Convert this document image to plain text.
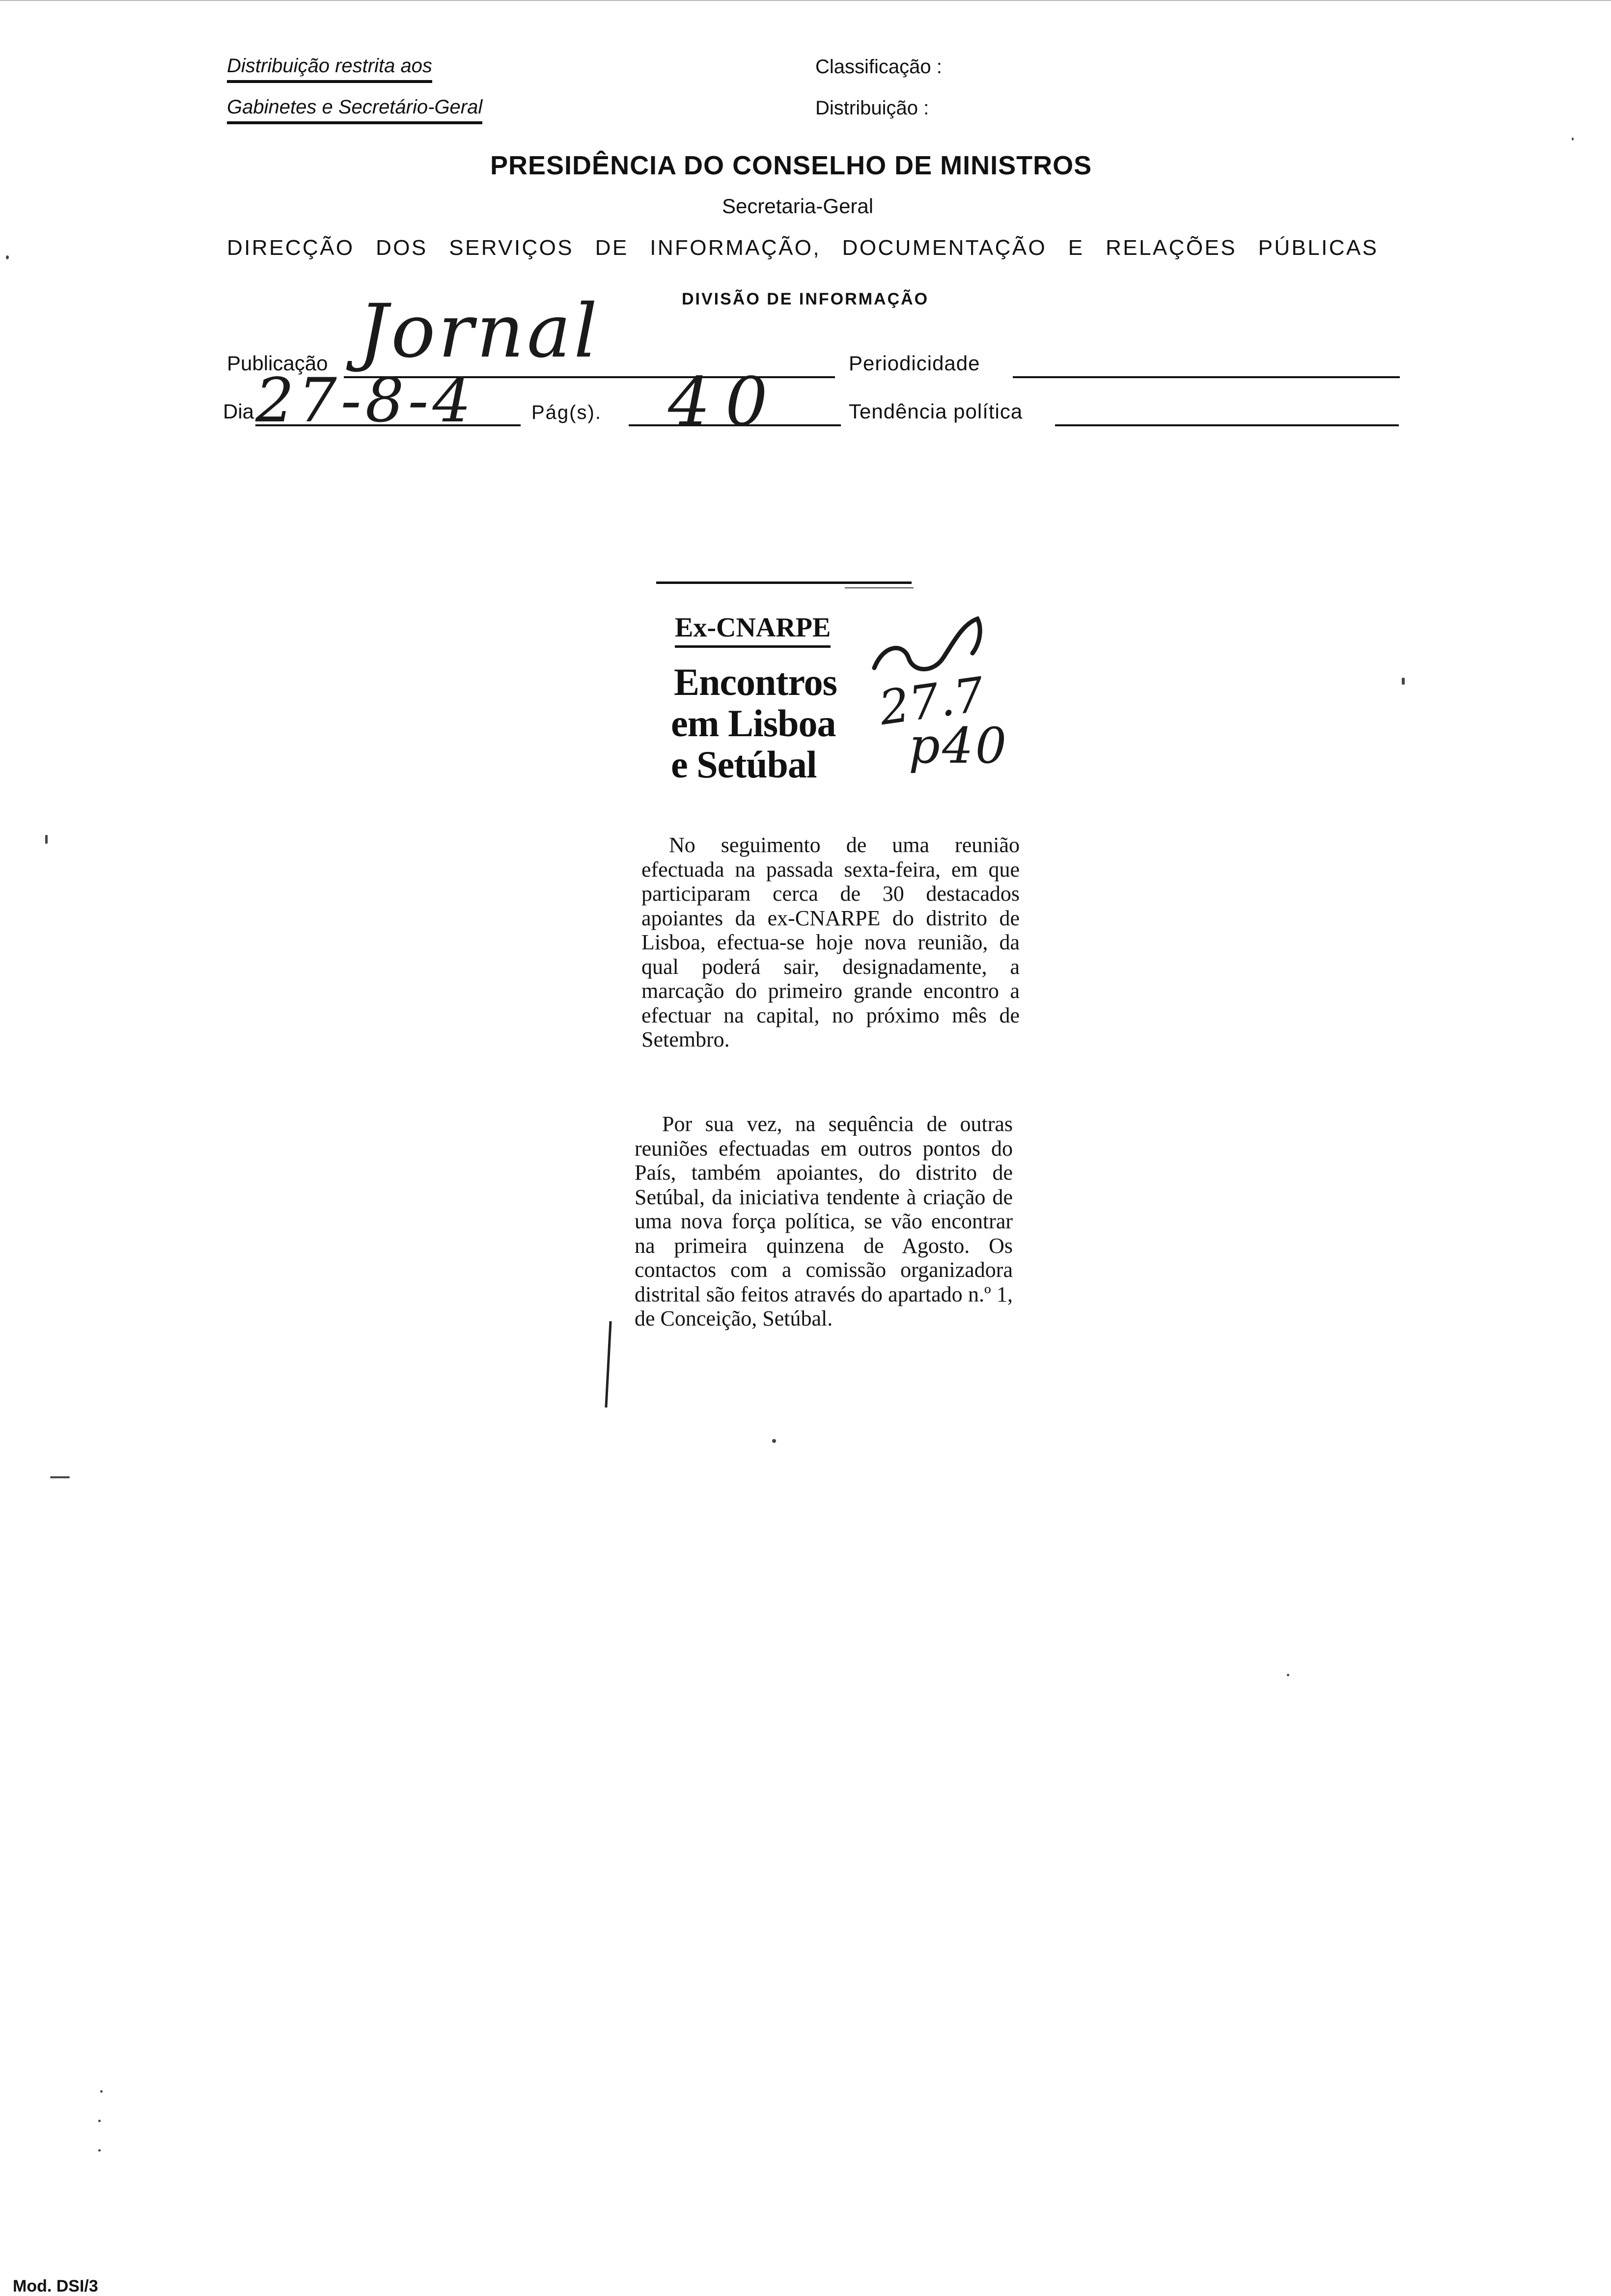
Distribuição restrita aos
Gabinetes e Secretário-Geral
Classificação :
Distribuição :
PRESIDÊNCIA DO CONSELHO DE MINISTROS
Secretaria-Geral
DIRECÇÃO DOS SERVIÇOS DE INFORMAÇÃO, DOCUMENTAÇÃO E RELAÇÕES PÚBLICAS
DIVISÃO DE INFORMAÇÃO
Publicação Jornal	Periodicidade
Dia 27-8-4	Pág(s). 40	Tendência política
Ex-CNARPE
Encontros
em Lisboa
e Setúbal
27.7
p40
No seguimento de uma reunião efectuada na passada sexta-feira, em que participaram cerca de 30 destacados apoiantes da ex-CNARPE do distrito de Lisboa, efectua-se hoje nova reunião, da qual poderá sair, designadamente, a marcação do primeiro grande encontro a efectuar na capital, no próximo mês de Setembro.
Por sua vez, na sequência de outras reuniões efectuadas em outros pontos do País, também apoiantes, do distrito de Setúbal, da iniciativa tendente à criação de uma nova força política, se vão encontrar na primeira quinzena de Agosto. Os contactos com a comissão organizadora distrital são feitos através do apartado n.º 1, de Conceição, Setúbal.
Mod. DSI/3
